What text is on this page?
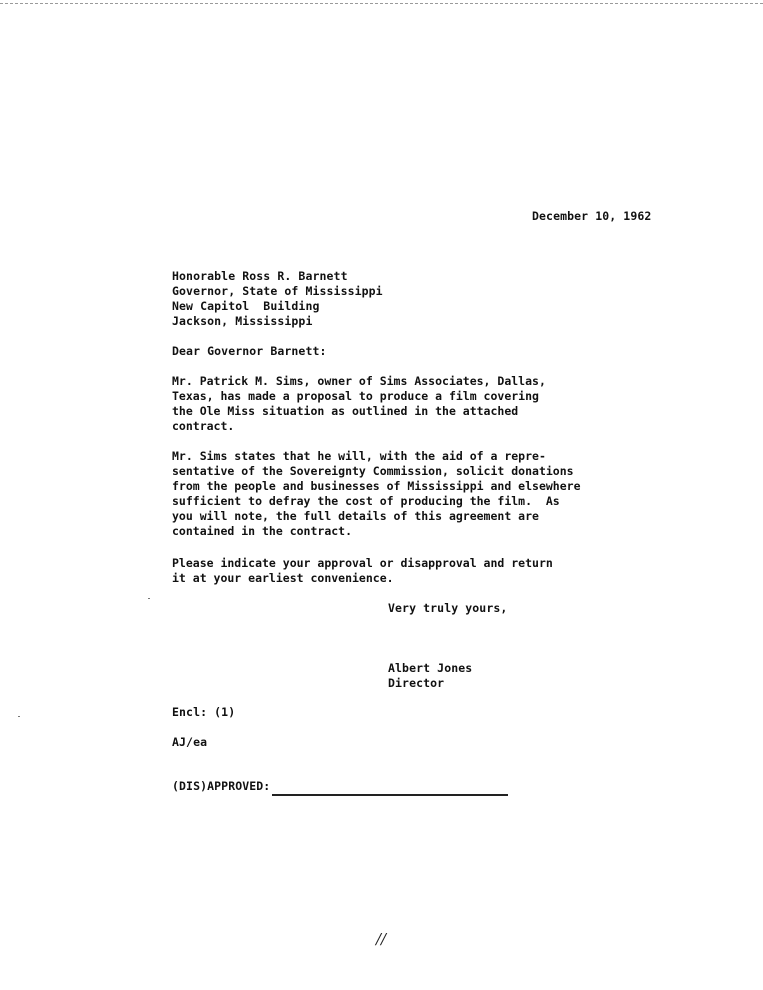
December 10, 1962
Honorable Ross R. Barnett
Governor, State of Mississippi
New Capitol  Building
Jackson, Mississippi
Dear Governor Barnett:
Mr. Patrick M. Sims, owner of Sims Associates, Dallas,
Texas, has made a proposal to produce a film covering
the Ole Miss situation as outlined in the attached
contract.
Mr. Sims states that he will, with the aid of a repre-
sentative of the Sovereignty Commission, solicit donations
from the people and businesses of Mississippi and elsewhere
sufficient to defray the cost of producing the film.  As
you will note, the full details of this agreement are
contained in the contract.
Please indicate your approval or disapproval and return
it at your earliest convenience.
Very truly yours,
Albert Jones
Director
Encl: (1)
AJ/ea
(DIS)APPROVED:
//
